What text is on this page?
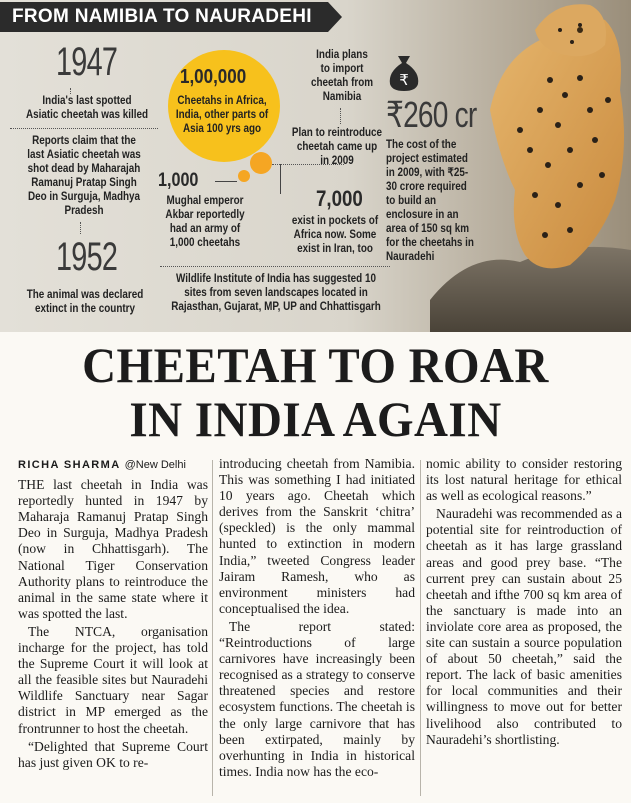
FROM NAMIBIA TO NAURADEHI
1947
India's last spotted
Asiatic cheetah was killed
Reports claim that the
last Asiatic cheetah was
shot dead by Maharajah
Ramanuj Pratap Singh
Deo in Surguja, Madhya
Pradesh
1952
The animal was declared
extinct in the country
1,00,000
Cheetahs in Africa,
India, other parts of
Asia 100 yrs ago
1,000
Mughal emperor
Akbar reportedly
had an army of
1,000 cheetahs
India plans
to import
cheetah from
Namibia
Plan to reintroduce
cheetah came up
in 2009
7,000
exist in pockets of
Africa now. Some
exist in Iran, too
Wildlife Institute of India has suggested 10
sites from seven landscapes located in
Rajasthan, Gujarat, MP, UP and Chhattisgarh
₹
₹260 cr
The cost of the
project estimated
in 2009, with ₹25-
30 crore required
to build an
enclosure in an
area of 150 sq km
for the cheetahs in
Nauradehi
CHEETAH TO ROAR
IN INDIA AGAIN
RICHA SHARMA @New Delhi

THE last cheetah in India was reportedly hunted in 1947 by Maharaja Ramanuj Pratap Singh Deo in Surguja, Madhya Pradesh (now in Chhattisgarh). The National Tiger Conservation Authority plans to reintroduce the animal in the same state where it was spotted the last.

The NTCA, organisation incharge for the project, has told the Supreme Court it will look at all the feasible sites but Nauradehi Wildlife Sanctuary near Sagar district in MP emerged as the frontrunner to host the cheetah.

“Delighted that Supreme Court has just given OK to re-

introducing cheetah from Namibia. This was something I had initiated 10 years ago. Cheetah which derives from the Sanskrit ‘chitra’ (speckled) is the only mammal hunted to extinction in modern India,” tweeted Congress leader Jairam Ramesh, who as environment ministers had conceptualised the idea.

The report stated: “Reintroductions of large carnivores have increasingly been recognised as a strategy to conserve threatened species and restore ecosystem functions. The cheetah is the only large carnivore that has been extirpated, mainly by overhunting in India in historical times. India now has the eco-

nomic ability to consider restoring its lost natural heritage for ethical as well as ecological reasons.”

Nauradehi was recommended as a potential site for reintroduction of cheetah as it has large grassland areas and good prey base. “The current prey can sustain about 25 cheetah and ifthe 700 sq km area of the sanctuary is made into an inviolate core area as proposed, the site can sustain a source population of about 50 cheetah,” said the report. The lack of basic amenities for local communities and their willingness to move out for better livelihood also contributed to Nauradehi’s shortlisting.
